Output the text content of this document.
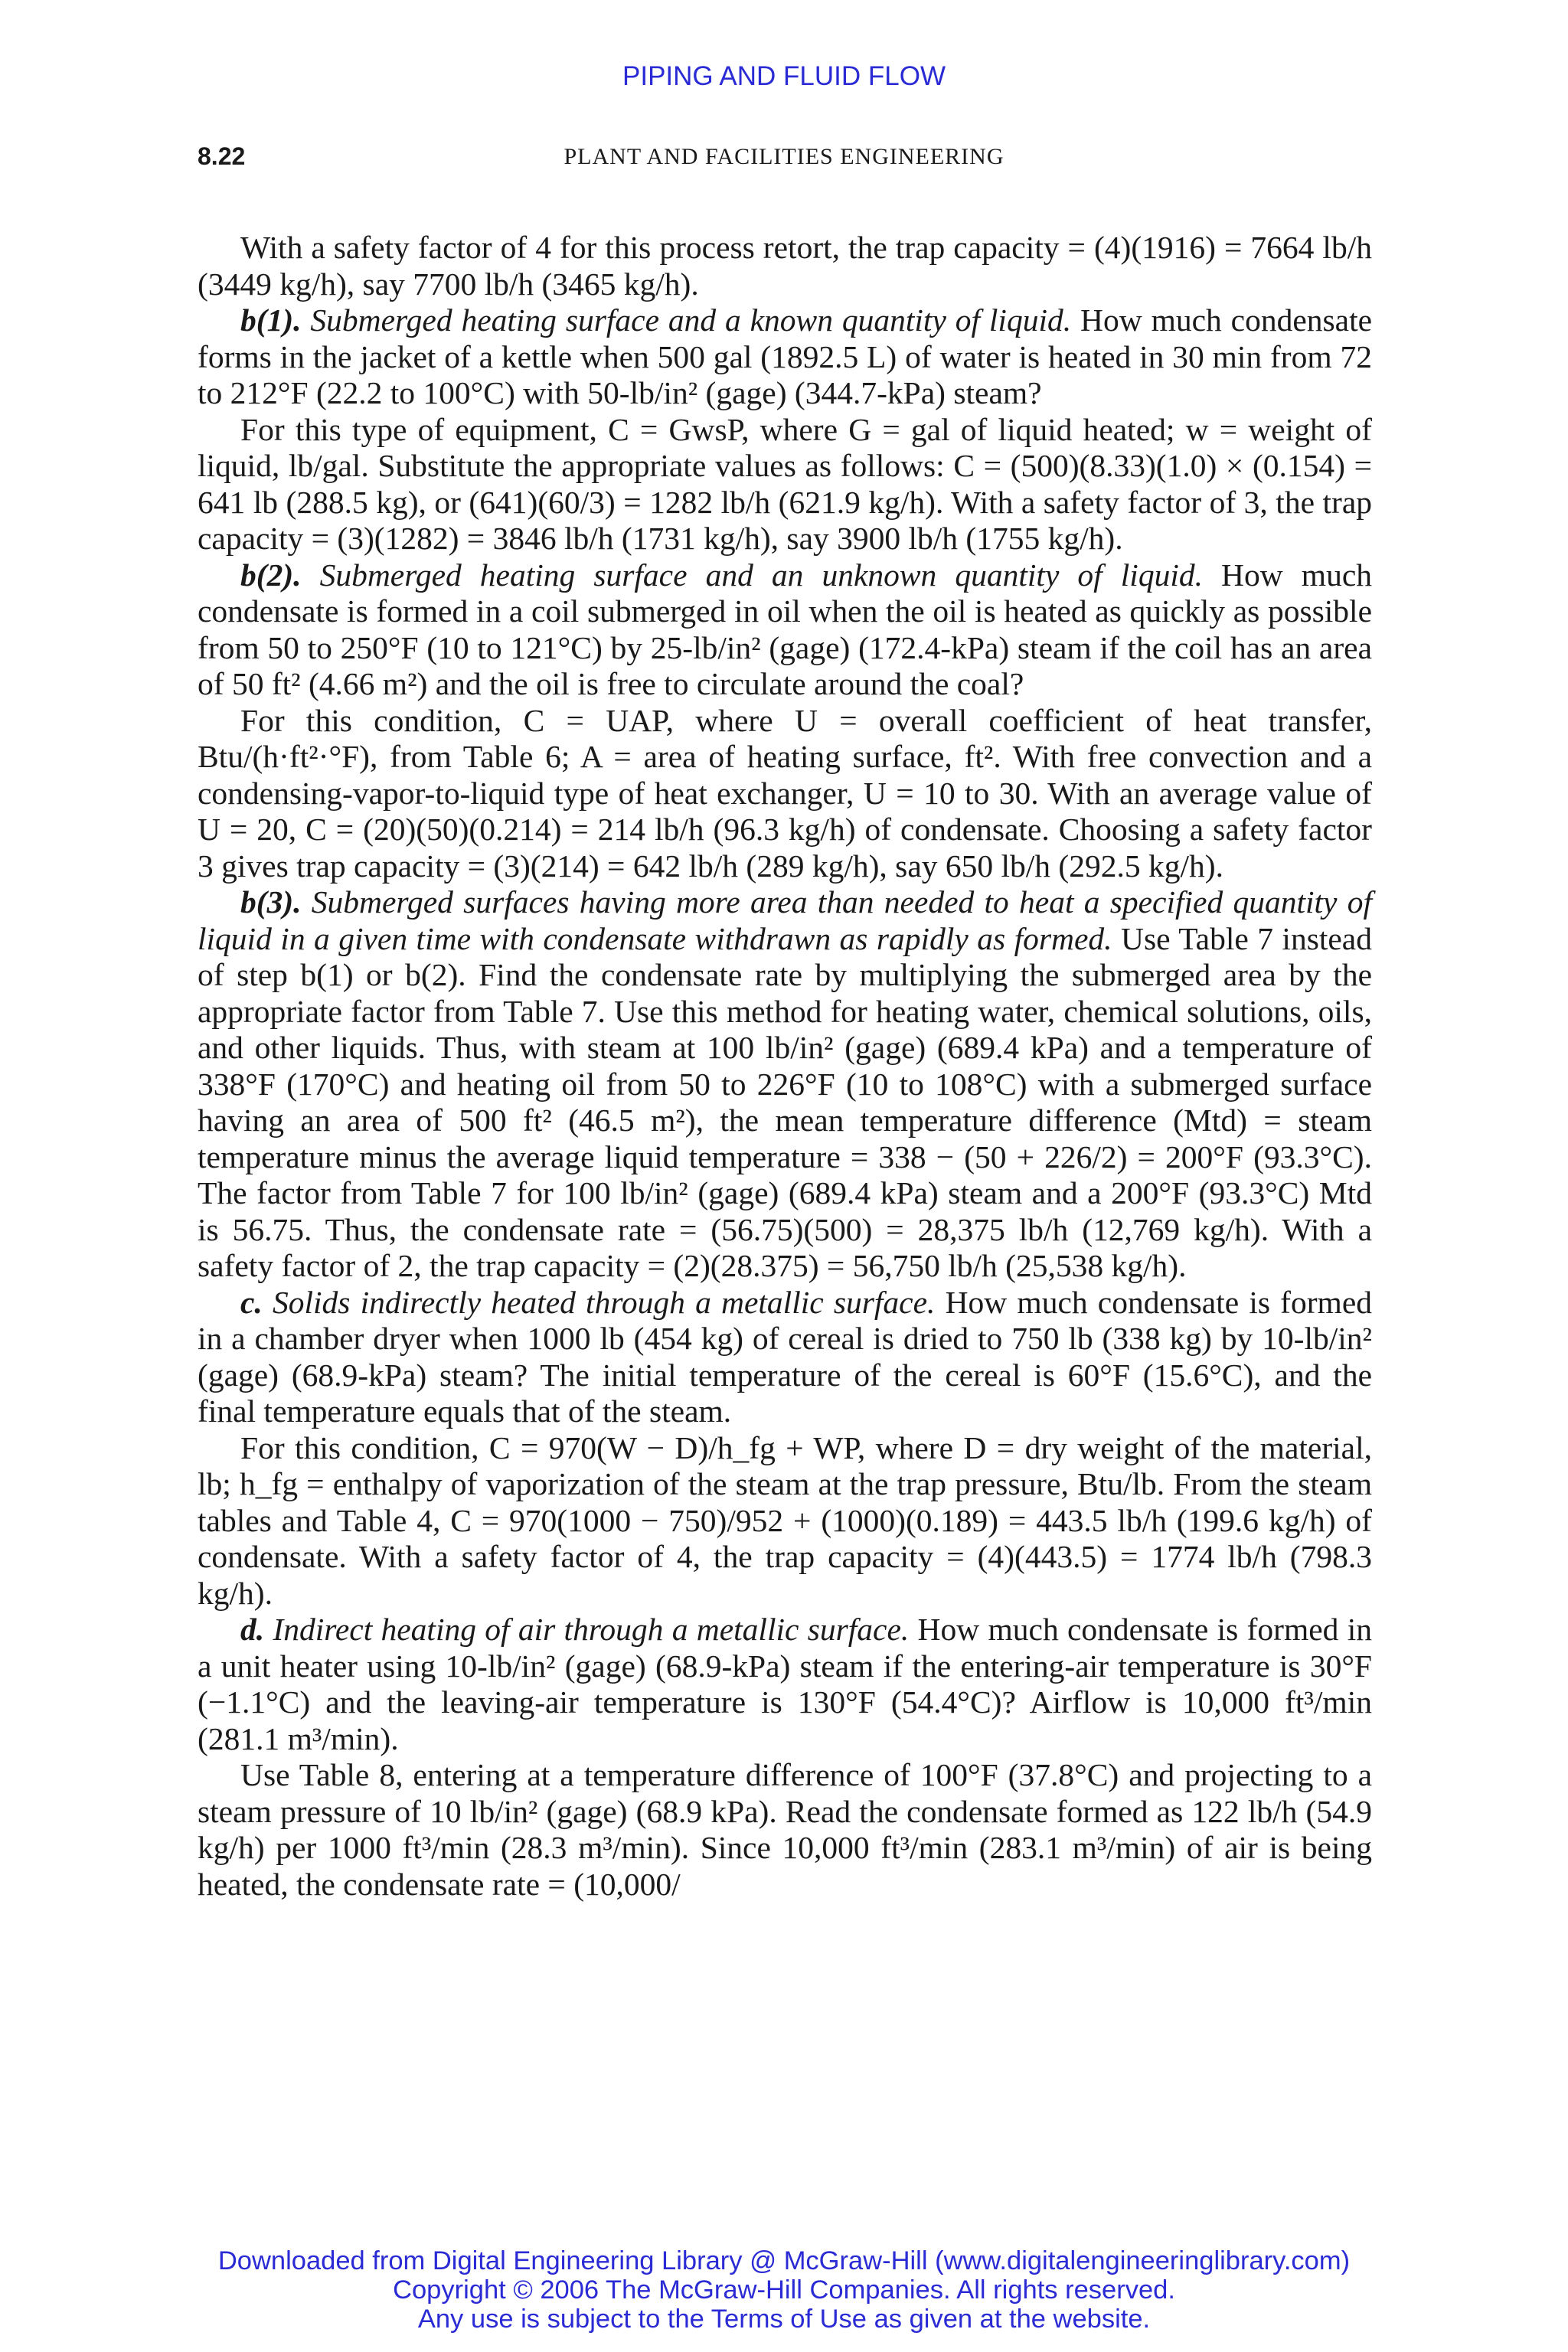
PIPING AND FLUID FLOW
8.22	PLANT AND FACILITIES ENGINEERING

With a safety factor of 4 for this process retort, the trap capacity = (4)(1916) = 7664 lb/h (3449 kg/h), say 7700 lb/h (3465 kg/h).

b(1). Submerged heating surface and a known quantity of liquid. How much condensate forms in the jacket of a kettle when 500 gal (1892.5 L) of water is heated in 30 min from 72 to 212°F (22.2 to 100°C) with 50-lb/in² (gage) (344.7-kPa) steam?

For this type of equipment, C = GwsP, where G = gal of liquid heated; w = weight of liquid, lb/gal. Substitute the appropriate values as follows: C = (500)(8.33)(1.0) × (0.154) = 641 lb (288.5 kg), or (641)(60/3) = 1282 lb/h (621.9 kg/h). With a safety factor of 3, the trap capacity = (3)(1282) = 3846 lb/h (1731 kg/h), say 3900 lb/h (1755 kg/h).

b(2). Submerged heating surface and an unknown quantity of liquid. How much condensate is formed in a coil submerged in oil when the oil is heated as quickly as possible from 50 to 250°F (10 to 121°C) by 25-lb/in² (gage) (172.4-kPa) steam if the coil has an area of 50 ft² (4.66 m²) and the oil is free to circulate around the coal?

For this condition, C = UAP, where U = overall coefficient of heat transfer, Btu/(h·ft²·°F), from Table 6; A = area of heating surface, ft². With free convection and a condensing-vapor-to-liquid type of heat exchanger, U = 10 to 30. With an average value of U = 20, C = (20)(50)(0.214) = 214 lb/h (96.3 kg/h) of condensate. Choosing a safety factor 3 gives trap capacity = (3)(214) = 642 lb/h (289 kg/h), say 650 lb/h (292.5 kg/h).

b(3). Submerged surfaces having more area than needed to heat a specified quantity of liquid in a given time with condensate withdrawn as rapidly as formed. Use Table 7 instead of step b(1) or b(2). Find the condensate rate by multiplying the submerged area by the appropriate factor from Table 7. Use this method for heating water, chemical solutions, oils, and other liquids. Thus, with steam at 100 lb/in² (gage) (689.4 kPa) and a temperature of 338°F (170°C) and heating oil from 50 to 226°F (10 to 108°C) with a submerged surface having an area of 500 ft² (46.5 m²), the mean temperature difference (Mtd) = steam temperature minus the average liquid temperature = 338 − (50 + 226/2) = 200°F (93.3°C). The factor from Table 7 for 100 lb/in² (gage) (689.4 kPa) steam and a 200°F (93.3°C) Mtd is 56.75. Thus, the condensate rate = (56.75)(500) = 28,375 lb/h (12,769 kg/h). With a safety factor of 2, the trap capacity = (2)(28.375) = 56,750 lb/h (25,538 kg/h).

c. Solids indirectly heated through a metallic surface. How much condensate is formed in a chamber dryer when 1000 lb (454 kg) of cereal is dried to 750 lb (338 kg) by 10-lb/in² (gage) (68.9-kPa) steam? The initial temperature of the cereal is 60°F (15.6°C), and the final temperature equals that of the steam.

For this condition, C = 970(W − D)/h_fg + WP, where D = dry weight of the material, lb; h_fg = enthalpy of vaporization of the steam at the trap pressure, Btu/lb. From the steam tables and Table 4, C = 970(1000 − 750)/952 + (1000)(0.189) = 443.5 lb/h (199.6 kg/h) of condensate. With a safety factor of 4, the trap capacity = (4)(443.5) = 1774 lb/h (798.3 kg/h).

d. Indirect heating of air through a metallic surface. How much condensate is formed in a unit heater using 10-lb/in² (gage) (68.9-kPa) steam if the entering-air temperature is 30°F (−1.1°C) and the leaving-air temperature is 130°F (54.4°C)? Airflow is 10,000 ft³/min (281.1 m³/min).

Use Table 8, entering at a temperature difference of 100°F (37.8°C) and projecting to a steam pressure of 10 lb/in² (gage) (68.9 kPa). Read the condensate formed as 122 lb/h (54.9 kg/h) per 1000 ft³/min (28.3 m³/min). Since 10,000 ft³/min (283.1 m³/min) of air is being heated, the condensate rate = (10,000/

Downloaded from Digital Engineering Library @ McGraw-Hill (www.digitalengineeringlibrary.com)
Copyright © 2006 The McGraw-Hill Companies. All rights reserved.
Any use is subject to the Terms of Use as given at the website.
